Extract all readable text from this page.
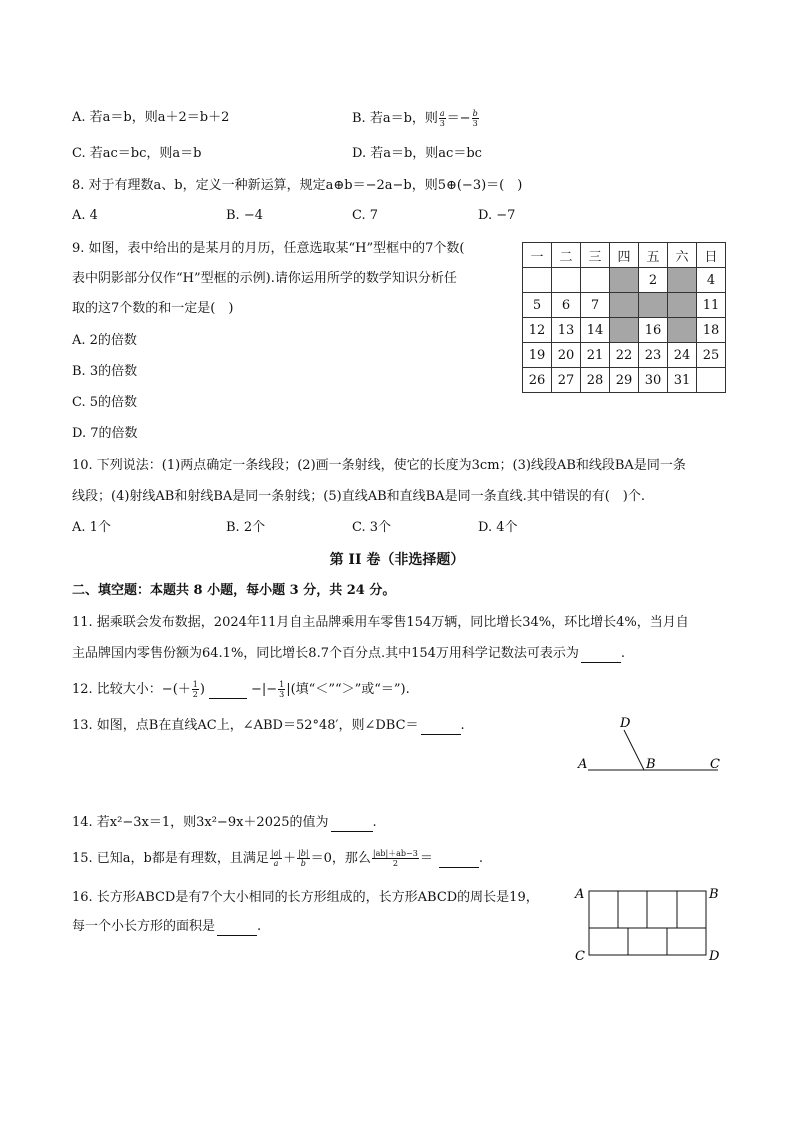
A. 若a＝b，则a＋2＝b＋2	B. 若a＝b，则 $\frac{a}{3} =- \frac{b}{3}$
C. 若ac＝bc，则a＝b	D. 若a＝b，则ac＝bc
8. 对于有理数a、b，定义一种新运算，规定a⊕b＝−2a−b，则5⊕(−3)＝(　)
A. 4	B. −4	C. 7	D. −7
9. 如图，表中给出的是某月的月历，任意选取某“H”型框中的7个数(
表中阴影部分仅作“H”型框的示例).请你运用所学的数学知识分析任
取的这7个数的和一定是(　)
A. 2的倍数
B. 3的倍数
C. 5的倍数
D. 7的倍数
一	二	三	四	五	六	日
				2		4
5	6	7				11
12	13	14		16		18
19	20	21	22	23	24	25
26	27	28	29	30	31	
10. 下列说法：(1)两点确定一条线段；(2)画一条射线，使它的长度为3cm；(3)线段AB和线段BA是同一条
线段；(4)射线AB和射线BA是同一条射线；(5)直线AB和直线BA是同一条直线.其中错误的有(　)个.
A. 1个	B. 2个	C. 3个	D. 4个
第 II 卷（非选择题）
二、填空题：本题共 8 小题，每小题 3 分，共 24 分。
11. 据乘联会发布数据，2024年11月自主品牌乘用车零售154万辆，同比增长34%，环比增长4%，当月自
主品牌国内零售份额为64.1%，同比增长8.7个百分点.其中154万用科学记数法可表示为	.
12. 比较大小：−(＋ $\frac{1}{2}$ )	−|− $\frac{1}{3}$ |(填“＜”“＞”或“＝”).
13. 如图，点B在直线AC上，∠ABD＝52°48′，则∠DBC＝	.
A	B	C
D
14. 若x²−3x＝1，则3x²−9x＋2025的值为	.
15. 已知a，b都是有理数，且满足 $\frac{|a|}{a} + \frac{|b|}{b} =0$，那么 $\frac{|ab|+ab-3}{2}$ ＝	.
16. 长方形ABCD是有7个大小相同的长方形组成的，长方形ABCD的周长是19，
每一个小长方形的面积是	.
A	B
C	D
